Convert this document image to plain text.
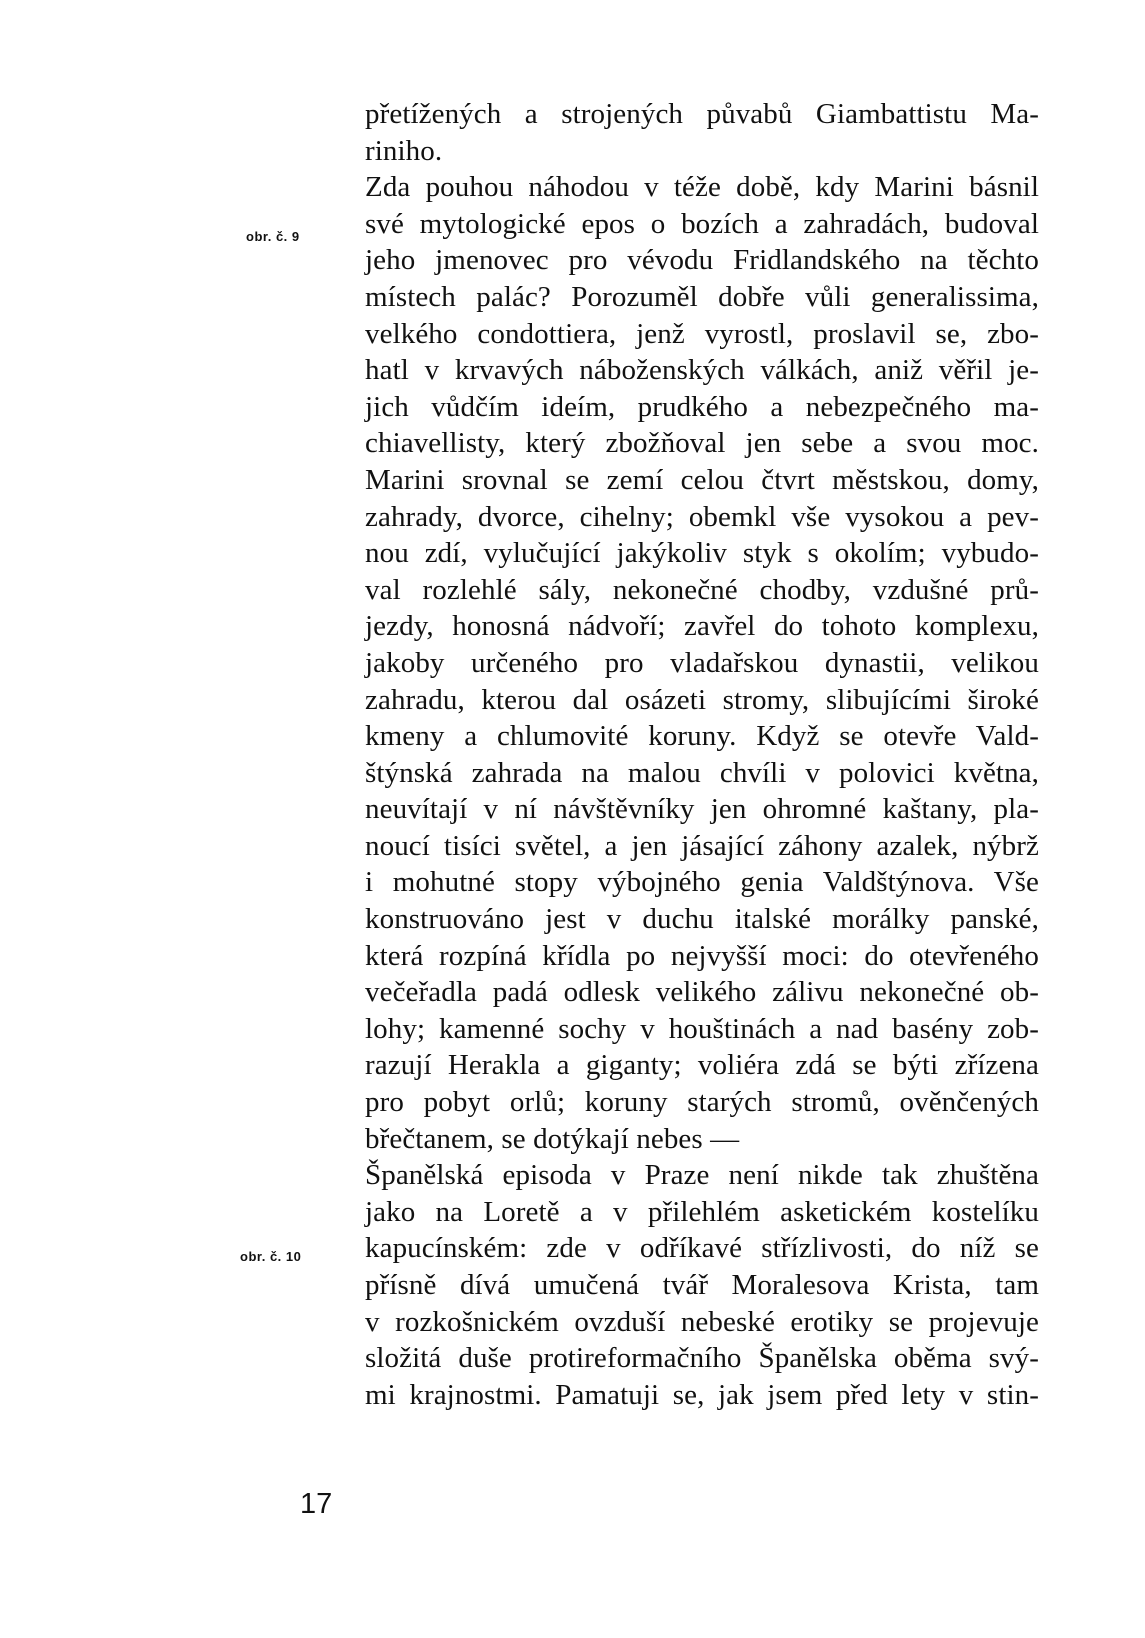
obr. č. 9
obr. č. 10
přetížených a strojených půvabů Giambattistu Ma-
riniho.
Zda pouhou náhodou v téže době, kdy Marini básnil
své mytologické epos o bozích a zahradách, budoval
jeho jmenovec pro vévodu Fridlandského na těchto
místech palác? Porozuměl dobře vůli generalissima,
velkého condottiera, jenž vyrostl, proslavil se, zbo-
hatl v krvavých náboženských válkách, aniž věřil je-
jich vůdčím ideím, prudkého a nebezpečného ma-
chiavellisty, který zbožňoval jen sebe a svou moc.
Marini srovnal se zemí celou čtvrt městskou, domy,
zahrady, dvorce, cihelny; obemkl vše vysokou a pev-
nou zdí, vylučující jakýkoliv styk s okolím; vybudo-
val rozlehlé sály, nekonečné chodby, vzdušné prů-
jezdy, honosná nádvoří; zavřel do tohoto komplexu,
jakoby určeného pro vladařskou dynastii, velikou
zahradu, kterou dal osázeti stromy, slibujícími široké
kmeny a chlumovité koruny. Když se otevře Vald-
štýnská zahrada na malou chvíli v polovici května,
neuvítají v ní návštěvníky jen ohromné kaštany, pla-
noucí tisíci světel, a jen jásající záhony azalek, nýbrž
i mohutné stopy výbojného genia Valdštýnova. Vše
konstruováno jest v duchu italské morálky panské,
která rozpíná křídla po nejvyšší moci: do otevřeného
večeřadla padá odlesk velikého zálivu nekonečné ob-
lohy; kamenné sochy v houštinách a nad basény zob-
razují Herakla a giganty; voliéra zdá se býti zřízena
pro pobyt orlů; koruny starých stromů, ověnčených
břečtanem, se dotýkají nebes —
Španělská episoda v Praze není nikde tak zhuštěna
jako na Loretě a v přilehlém asketickém kostelíku
kapucínském: zde v odříkavé střízlivosti, do níž se
přísně dívá umučená tvář Moralesova Krista, tam
v rozkošnickém ovzduší nebeské erotiky se projevuje
složitá duše protireformačního Španělska oběma svý-
mi krajnostmi. Pamatuji se, jak jsem před lety v stin-
17
